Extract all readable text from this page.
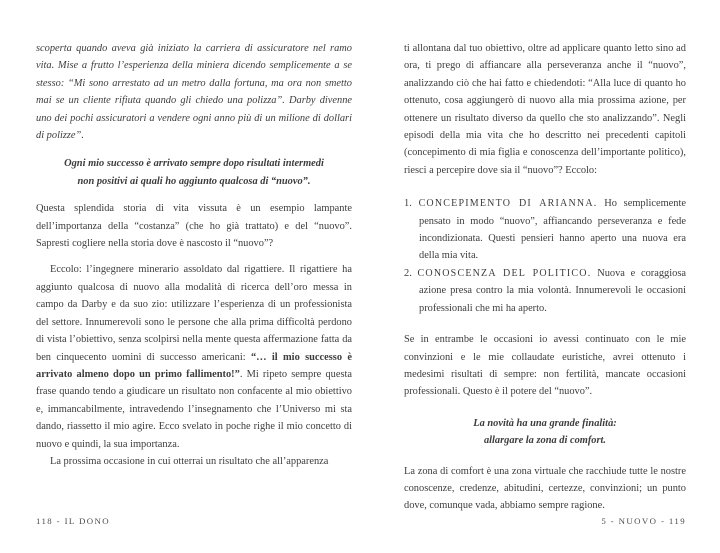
scoperta quando aveva già iniziato la carriera di assicuratore nel ramo vita. Mise a frutto l’esperienza della miniera dicendo semplicemente a se stesso: “Mi sono arrestato ad un metro dalla fortuna, ma ora non smetto mai se un cliente rifiuta quando gli chiedo una polizza”. Darby divenne uno dei pochi assicuratori a vendere ogni anno più di un milione di dollari di polizze”.

Ogni mio successo è arrivato sempre dopo risultati intermedi
non positivi ai quali ho aggiunto qualcosa di “nuovo”.

Questa splendida storia di vita vissuta è un esempio lampante dell’importanza della “costanza” (che ho già trattato) e del “nuovo”. Sapresti cogliere nella storia dove è nascosto il “nuovo”?

Eccolo: l’ingegnere minerario assoldato dal rigattiere. Il rigattiere ha aggiunto qualcosa di nuovo alla modalità di ricerca dell’oro messa in campo da Darby e da suo zio: utilizzare l’esperienza di un professionista del settore. Innumerevoli sono le persone che alla prima difficoltà perdono di vista l’obiettivo, senza scolpirsi nella mente questa affermazione fatta da ben cinquecento uomini di successo americani: “… il mio successo è arrivato almeno dopo un primo fallimento!”. Mi ripeto sempre questa frase quando tendo a giudicare un risultato non confacente al mio obiettivo e, immancabilmente, intravedendo l’insegnamento che l’Universo mi sta dando, riassetto il mio agire. Ecco svelato in poche righe il mio concetto di nuovo e quindi, la sua importanza.

La prossima occasione in cui otterrai un risultato che all’apparenza

118 - IL DONO

ti allontana dal tuo obiettivo, oltre ad applicare quanto letto sino ad ora, ti prego di affiancare alla perseveranza anche il “nuovo”, analizzando ciò che hai fatto e chiedendoti: “Alla luce di quanto ho ottenuto, cosa aggiungerò di nuovo alla mia prossima azione, per ottenere un risultato diverso da quello che sto analizzando”. Negli episodi della mia vita che ho descritto nei precedenti capitoli (concepimento di mia figlia e conoscenza dell’importante politico), riesci a percepire dove sia il “nuovo”? Eccolo:

1. CONCEPIMENTO DI ARIANNA. Ho semplicemente pensato in modo “nuovo”, affiancando perseveranza e fede incondizionata. Questi pensieri hanno aperto una nuova era della mia vita.

2. CONOSCENZA DEL POLITICO. Nuova e coraggiosa azione presa contro la mia volontà. Innumerevoli le occasioni professionali che mi ha aperto.

Se in entrambe le occasioni io avessi continuato con le mie convinzioni e le mie collaudate euristiche, avrei ottenuto i medesimi risultati di sempre: non fertilità, mancate occasioni professionali. Questo è il potere del “nuovo”.

La novità ha una grande finalità:
allargare la zona di comfort.

La zona di comfort è una zona virtuale che racchiude tutte le nostre conoscenze, credenze, abitudini, certezze, convinzioni; un punto dove, comunque vada, abbiamo sempre ragione.

5 - NUOVO - 119
